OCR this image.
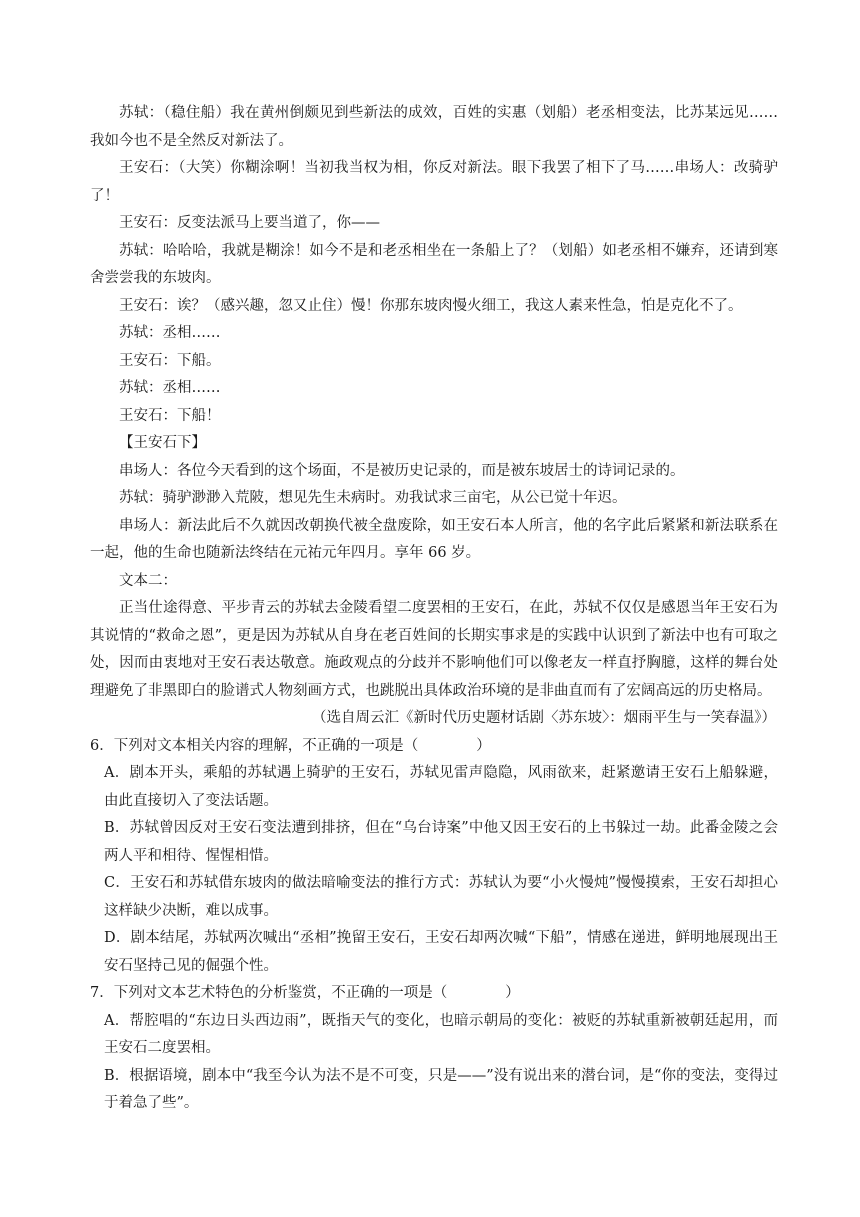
苏轼：（稳住船）我在黄州倒颇见到些新法的成效，百姓的实惠（划船）老丞相变法，比苏某远见……我如今也不是全然反对新法了。

王安石：（大笑）你糊涂啊！当初我当权为相，你反对新法。眼下我罢了相下了马……串场人：改骑驴了！

王安石：反变法派马上要当道了，你——

苏轼：哈哈哈，我就是糊涂！如今不是和老丞相坐在一条船上了？（划船）如老丞相不嫌弃，还请到寒舍尝尝我的东坡肉。

王安石：诶？（感兴趣，忽又止住）慢！你那东坡肉慢火细工，我这人素来性急，怕是克化不了。

苏轼：丞相……

王安石：下船。

苏轼：丞相……

王安石：下船！

【王安石下】

串场人：各位今天看到的这个场面，不是被历史记录的，而是被东坡居士的诗词记录的。

苏轼：骑驴渺渺入荒陂，想见先生未病时。劝我试求三亩宅，从公已觉十年迟。

串场人：新法此后不久就因改朝换代被全盘废除，如王安石本人所言，他的名字此后紧紧和新法联系在一起，他的生命也随新法终结在元祐元年四月。享年 66 岁。

文本二：

正当仕途得意、平步青云的苏轼去金陵看望二度罢相的王安石，在此，苏轼不仅仅是感恩当年王安石为其说情的“救命之恩”，更是因为苏轼从自身在老百姓间的长期实事求是的实践中认识到了新法中也有可取之处，因而由衷地对王安石表达敬意。施政观点的分歧并不影响他们可以像老友一样直抒胸臆，这样的舞台处理避免了非黑即白的脸谱式人物刻画方式，也跳脱出具体政治环境的是非曲直而有了宏阔高远的历史格局。

（选自周云汇《新时代历史题材话剧〈苏东坡〉：烟雨平生与一笑春温》）

6．下列对文本相关内容的理解，不正确的一项是（　　　　）

A．剧本开头，乘船的苏轼遇上骑驴的王安石，苏轼见雷声隐隐，风雨欲来，赶紧邀请王安石上船躲避，由此直接切入了变法话题。

B．苏轼曾因反对王安石变法遭到排挤，但在“乌台诗案”中他又因王安石的上书躲过一劫。此番金陵之会两人平和相待、惺惺相惜。

C．王安石和苏轼借东坡肉的做法暗喻变法的推行方式：苏轼认为要“小火慢炖”慢慢摸索，王安石却担心这样缺少决断，难以成事。

D．剧本结尾，苏轼两次喊出“丞相”挽留王安石，王安石却两次喊“下船”，情感在递进，鲜明地展现出王安石坚持己见的倔强个性。

7．下列对文本艺术特色的分析鉴赏，不正确的一项是（　　　　）

A．帮腔唱的“东边日头西边雨”，既指天气的变化，也暗示朝局的变化：被贬的苏轼重新被朝廷起用，而王安石二度罢相。

B．根据语境，剧本中“我至今认为法不是不可变，只是——”没有说出来的潜台词，是“你的变法，变得过于着急了些”。
